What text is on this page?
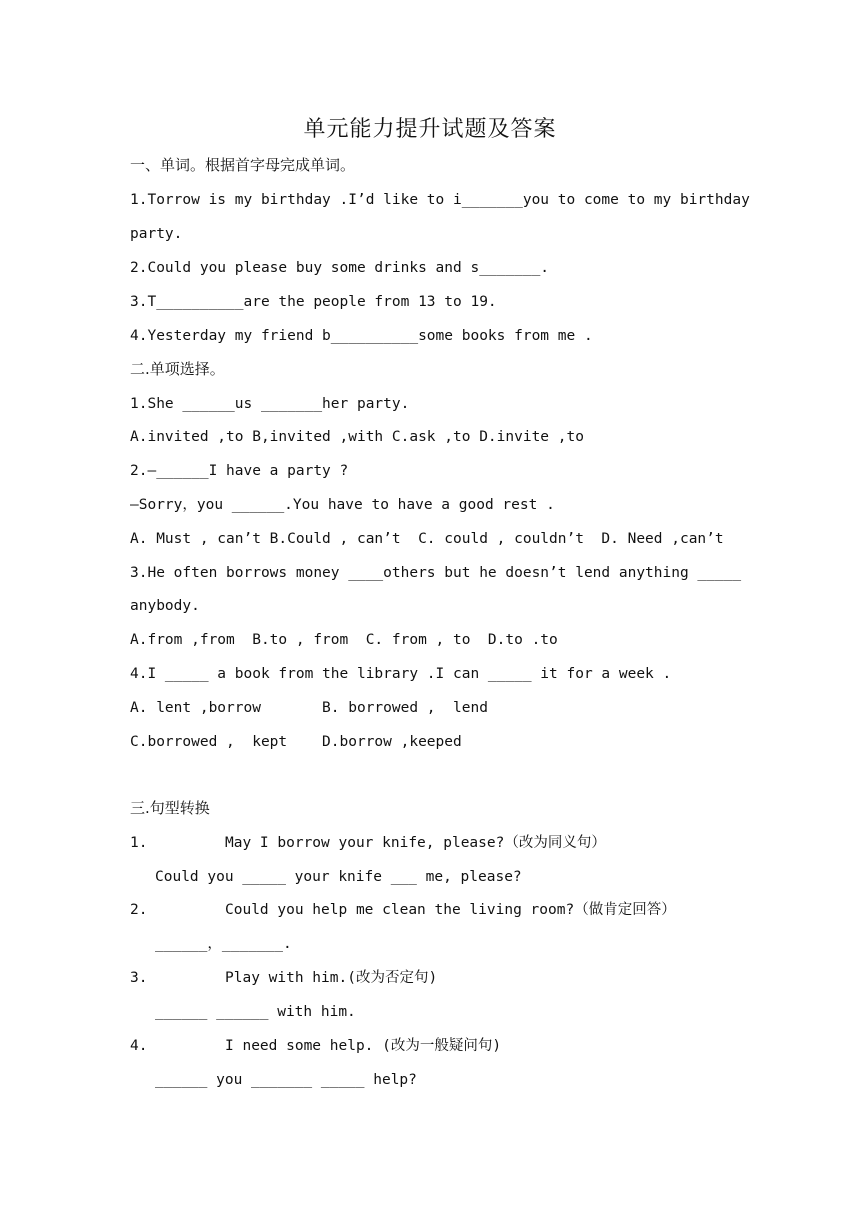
单元能力提升试题及答案
一、单词。根据首字母完成单词。
1.Torrow is my birthday .I’d like to i_______you to come to my birthday
party.
2.Could you please buy some drinks and s_______.
3.T__________are the people from 13 to 19.
4.Yesterday my friend b__________some books from me .
二.单项选择。
1.She ______us _______her party.
A.invited ,to B,invited ,with C.ask ,to D.invite ,to
2.—______I have a party ?
—Sorry，you ______.You have to have a good rest .
A. Must , can’t B.Could , can’t  C. could , couldn’t  D. Need ,can’t
3.He often borrows money ____others but he doesn’t lend anything _____
anybody.
A.from ,from  B.to , from  C. from , to  D.to .to
4.I _____ a book from the library .I can _____ it for a week .
A. lent ,borrow       B. borrowed ,  lend
C.borrowed ,  kept    D.borrow ,keeped
三.句型转换
1.	May I borrow your knife, please?（改为同义句）
Could you _____ your knife ___ me, please?
2.	Could you help me clean the living room?（做肯定回答）
______，_______.
3.	Play with him.(改为否定句)
______ ______ with him.
4.	I need some help. (改为一般疑问句)
______ you _______ _____ help?
